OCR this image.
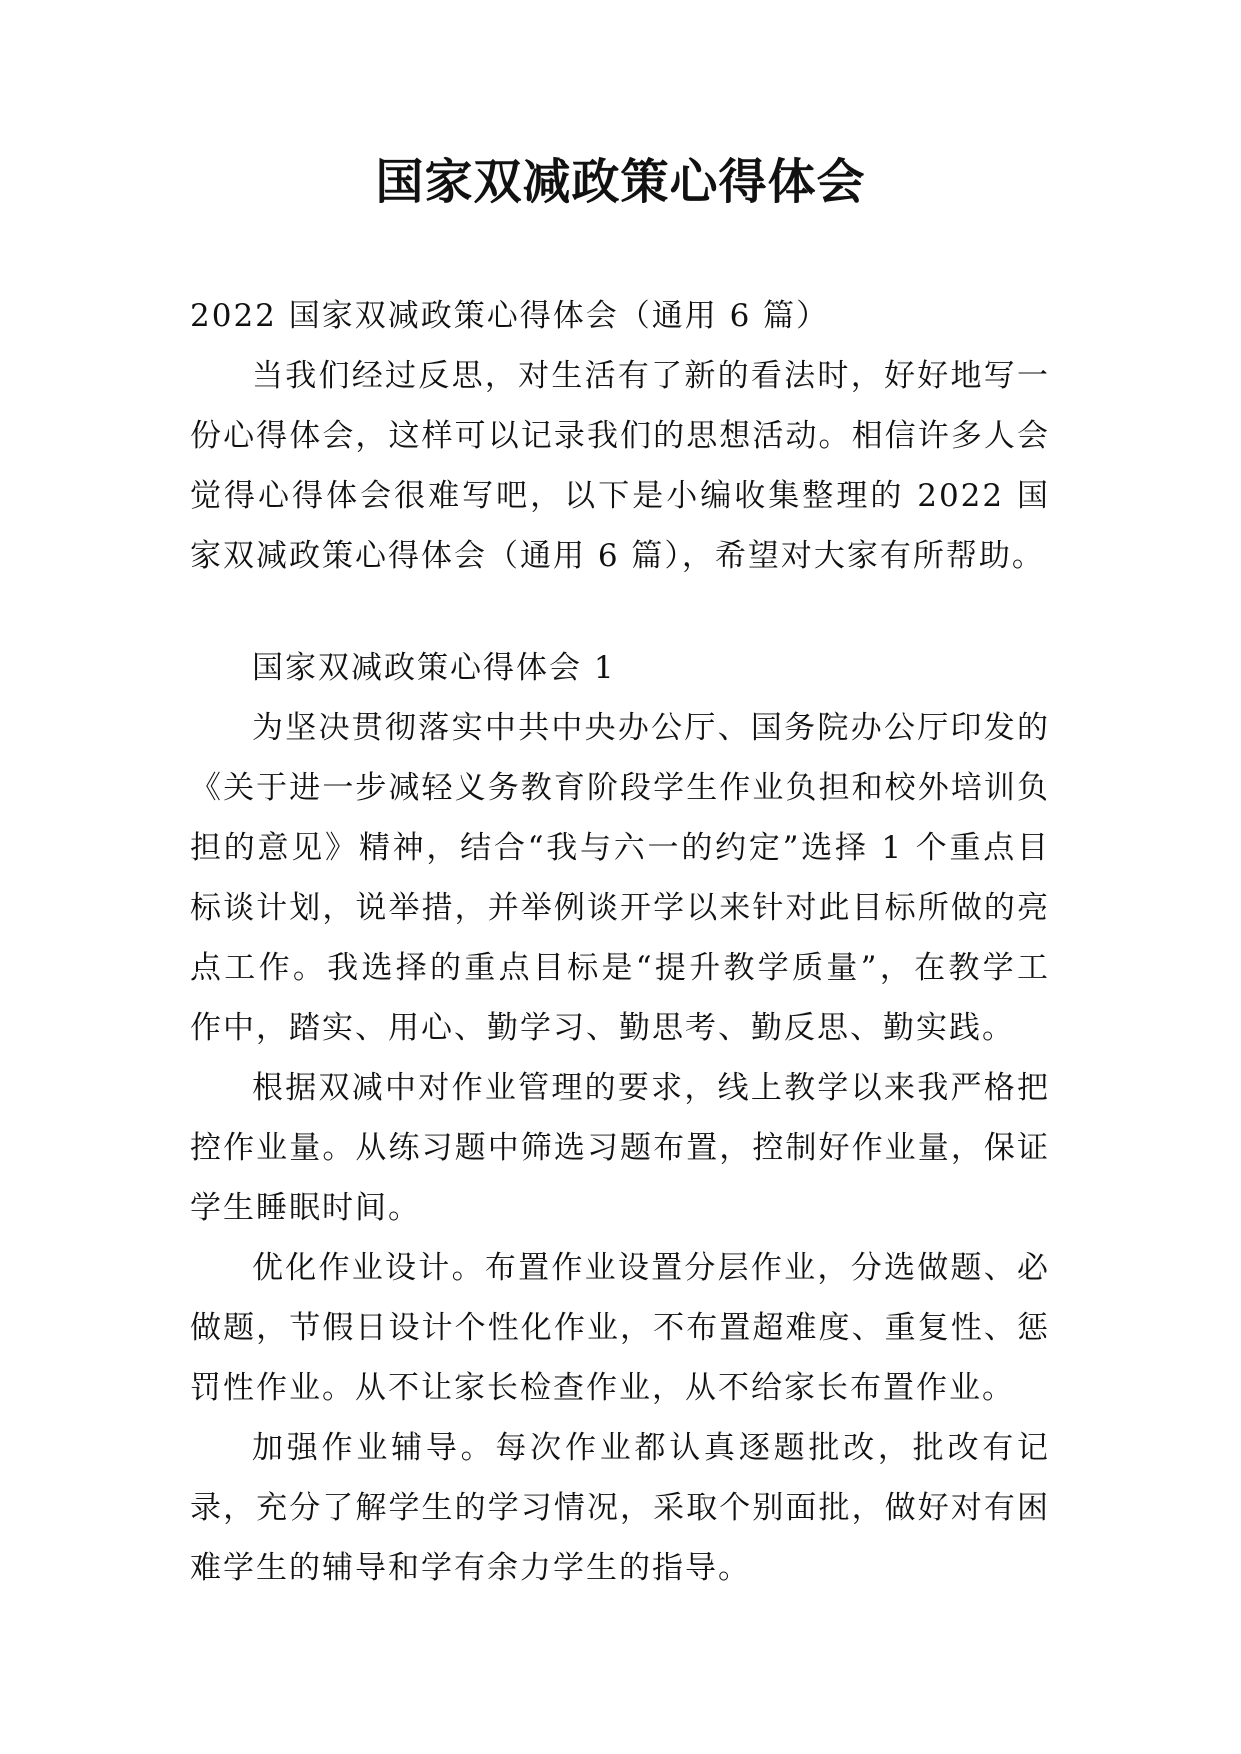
国家双减政策心得体会

2022 国家双减政策心得体会（通用 6 篇）

当我们经过反思，对生活有了新的看法时，好好地写一份心得体会，这样可以记录我们的思想活动。相信许多人会觉得心得体会很难写吧，以下是小编收集整理的 2022 国家双减政策心得体会（通用 6 篇），希望对大家有所帮助。

国家双减政策心得体会 1

为坚决贯彻落实中共中央办公厅、国务院办公厅印发的《关于进一步减轻义务教育阶段学生作业负担和校外培训负担的意见》精神，结合“我与六一的约定”选择 1 个重点目标谈计划，说举措，并举例谈开学以来针对此目标所做的亮点工作。我选择的重点目标是“提升教学质量”，在教学工作中，踏实、用心、勤学习、勤思考、勤反思、勤实践。

根据双减中对作业管理的要求，线上教学以来我严格把控作业量。从练习题中筛选习题布置，控制好作业量，保证学生睡眠时间。

优化作业设计。布置作业设置分层作业，分选做题、必做题，节假日设计个性化作业，不布置超难度、重复性、惩罚性作业。从不让家长检查作业，从不给家长布置作业。

加强作业辅导。每次作业都认真逐题批改，批改有记录，充分了解学生的学习情况，采取个别面批，做好对有困难学生的辅导和学有余力学生的指导。
